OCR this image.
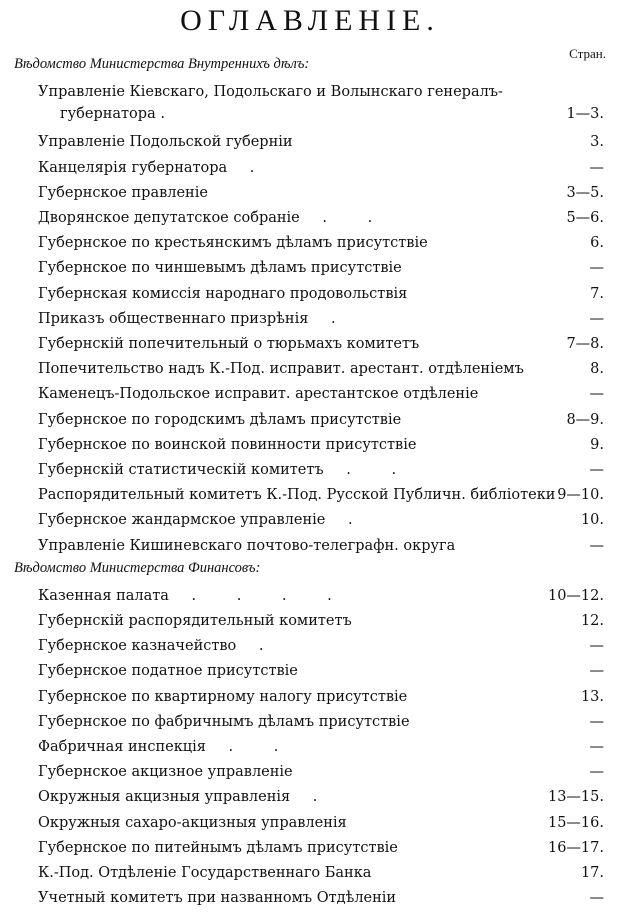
ОГЛАВЛЕНІЕ.
Стран.
Вѣдомство Министерства Внутреннихъ дѣлъ:
Управленіе Кіевскаго, Подольскаго и Волынскаго генералъ-
губернатора .	1—3.
Управленіе Подольской губерніи	3.
Канцелярія губернатора .	—
Губернское правленіе	3—5.
Дворянское депутатское собраніе . .	5—6.
Губернское по крестьянскимъ дѣламъ присутствіе	6.
Губернское по чиншевымъ дѣламъ присутствіе	—
Губернская комиссія народнаго продовольствія	7.
Приказъ общественнаго призрѣнія .	—
Губернскій попечительный о тюрьмахъ комитетъ	7—8.
Попечительство надъ К.-Под. исправит. арестант. отдѣленіемъ	8.
Каменецъ-Подольское исправит. арестантское отдѣленіе	—
Губернское по городскимъ дѣламъ присутствіе	8—9.
Губернское по воинской повинности присутствіе	9.
Губернскій статистическій комитетъ . .	—
Распорядительный комитетъ К.-Под. Русской Публичн. библіотеки 9—10.
Губернское жандармское управленіе .	10.
Управленіе Кишиневскаго почтово-телеграфн. округа	—
Вѣдомство Министерства Финансовъ:
Казенная палата . . . .	10—12.
Губернскій распорядительный комитетъ	12.
Губернское казначейство .	—
Губернское податное присутствіе	—
Губернское по квартирному налогу присутствіе	13.
Губернское по фабричнымъ дѣламъ присутствіе	—
Фабричная инспекція . .	—
Губернское акцизное управленіе	—
Окружныя акцизныя управленія .	13—15.
Окружныя сахаро-акцизныя управленія	15—16.
Губернское по питейнымъ дѣламъ присутствіе	16—17.
К.-Под. Отдѣленіе Государственнаго Банка	17.
Учетный комитетъ при названномъ Отдѣленіи	—
